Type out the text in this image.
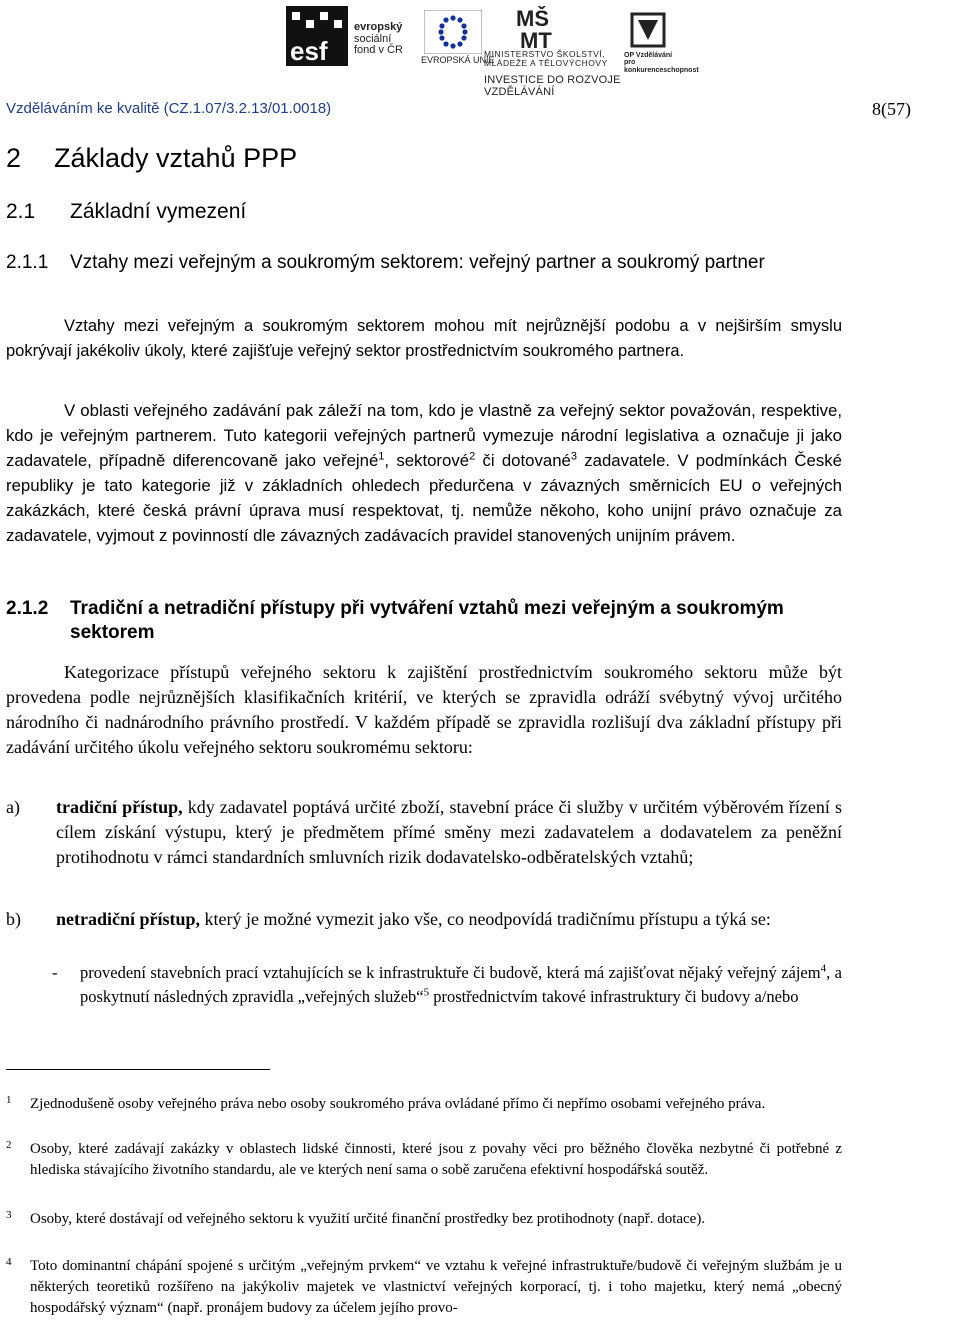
esf
evropský
sociální
fond v ČR
EVROPSKÁ UNIE
MŠ
MT
MINISTERSTVO ŠKOLSTVÍ,
MLÁDEŽE A TĚLOVÝCHOVY
OP Vzdělávání
pro konkurenceschopnost
INVESTICE DO ROZVOJE VZDĚLÁVÁNÍ
Vzděláváním ke kvalitě (CZ.1.07/3.2.13/01.0018)	8(57)
2 Základy vztahů PPP
2.1 Základní vymezení
2.1.1	Vztahy mezi veřejným a soukromým sektorem: veřejný partner a soukromý partner
Vztahy mezi veřejným a soukromým sektorem mohou mít nejrůznější podobu a v nejširším smyslu pokrývají jakékoliv úkoly, které zajišťuje veřejný sektor prostřednictvím soukromého partnera.
V oblasti veřejného zadávání pak záleží na tom, kdo je vlastně za veřejný sektor považován, respektive, kdo je veřejným partnerem. Tuto kategorii veřejných partnerů vymezuje národní legislativa a označuje ji jako zadavatele, případně diferencovaně jako veřejné$^1$, sektorové$^2$ či dotované$^3$ zadavatele. V podmínkách České republiky je tato kategorie již v základních ohledech předurčena v závazných směrnicích EU o veřejných zakázkách, které česká právní úprava musí respektovat, tj. nemůže někoho, koho unijní právo označuje za zadavatele, vyjmout z povinností dle závazných zadávacích pravidel stanovených unijním právem.
2.1.2	Tradiční a netradiční přístupy při vytváření vztahů mezi veřejným a soukromým sektorem
Kategorizace přístupů veřejného sektoru k zajištění prostřednictvím soukromého sektoru může být provedena podle nejrůznějších klasifikačních kritérií, ve kterých se zpravidla odráží svébytný vývoj určitého národního či nadnárodního právního prostředí. V každém případě se zpravidla rozlišují dva základní přístupy při zadávání určitého úkolu veřejného sektoru soukromému sektoru:
a)	tradiční přístup, kdy zadavatel poptává určité zboží, stavební práce či služby v určitém výběrovém řízení s cílem získání výstupu, který je předmětem přímé směny mezi zadavatelem a dodavatelem za peněžní protihodnotu v rámci standardních smluvních rizik dodavatelsko-odběratelských vztahů;
b)	netradiční přístup, který je možné vymezit jako vše, co neodpovídá tradičnímu přístupu a týká se:
-	provedení stavebních prací vztahujících se k infrastruktuře či budově, která má zajišťovat nějaký veřejný zájem$^4$, a poskytnutí následných zpravidla „veřejných služeb“$^5$ prostřednictvím takové infrastruktury či budovy a/nebo
1	Zjednodušeně osoby veřejného práva nebo osoby soukromého práva ovládané přímo či nepřímo osobami veřejného práva.
2	Osoby, které zadávají zakázky v oblastech lidské činnosti, které jsou z povahy věci pro běžného člověka nezbytné či potřebné z hlediska stávajícího životního standardu, ale ve kterých není sama o sobě zaručena efektivní hospodářská soutěž.
3	Osoby, které dostávají od veřejného sektoru k využití určité finanční prostředky bez protihodnoty (např. dotace).
4	Toto dominantní chápání spojené s určitým „veřejným prvkem“ ve vztahu k veřejné infrastruktuře/budově či veřejným službám je u některých teoretiků rozšířeno na jakýkoliv majetek ve vlastnictví veřejných korporací, tj. i toho majetku, který nemá „obecný hospodářský význam“ (např. pronájem budovy za účelem jejího provo-
